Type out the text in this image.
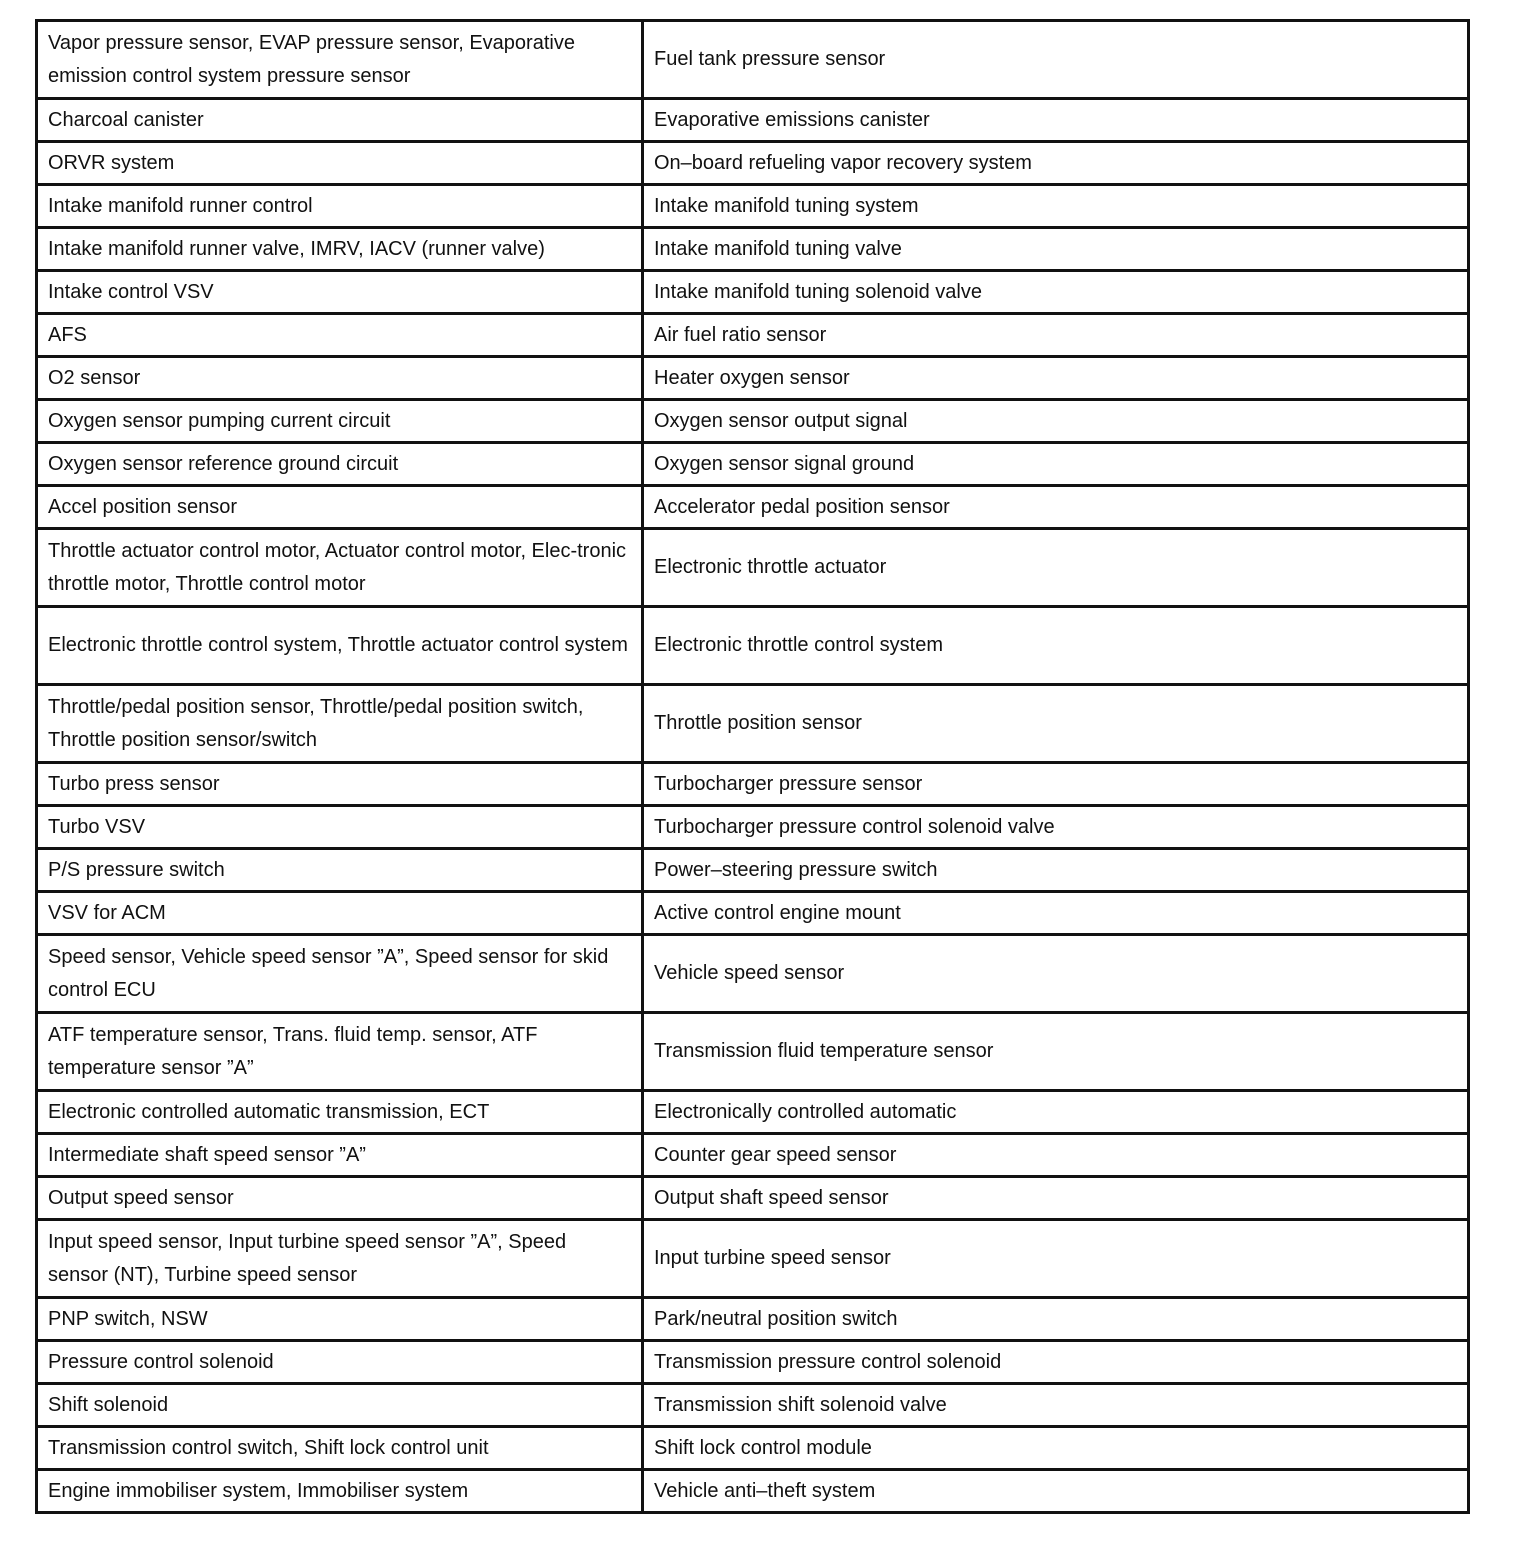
Vapor pressure sensor, EVAP pressure sensor, Evaporative emission control system pressure sensor	Fuel tank pressure sensor
Charcoal canister	Evaporative emissions canister
ORVR system	On–board refueling vapor recovery system
Intake manifold runner control	Intake manifold tuning system
Intake manifold runner valve, IMRV, IACV (runner valve)	Intake manifold tuning valve
Intake control VSV	Intake manifold tuning solenoid valve
AFS	Air fuel ratio sensor
O2 sensor	Heater oxygen sensor
Oxygen sensor pumping current circuit	Oxygen sensor output signal
Oxygen sensor reference ground circuit	Oxygen sensor signal ground
Accel position sensor	Accelerator pedal position sensor
Throttle actuator control motor, Actuator control motor, Elec-tronic throttle motor, Throttle control motor	Electronic throttle actuator
Electronic throttle control system, Throttle actuator control system	Electronic throttle control system
Throttle/pedal position sensor, Throttle/pedal position switch, Throttle position sensor/switch	Throttle position sensor
Turbo press sensor	Turbocharger pressure sensor
Turbo VSV	Turbocharger pressure control solenoid valve
P/S pressure switch	Power–steering pressure switch
VSV for ACM	Active control engine mount
Speed sensor, Vehicle speed sensor ”A”, Speed sensor for skid control ECU	Vehicle speed sensor
ATF temperature sensor, Trans. fluid temp. sensor, ATF temperature sensor ”A”	Transmission fluid temperature sensor
Electronic controlled automatic transmission, ECT	Electronically controlled automatic
Intermediate shaft speed sensor ”A”	Counter gear speed sensor
Output speed sensor	Output shaft speed sensor
Input speed sensor, Input turbine speed sensor ”A”, Speed sensor (NT), Turbine speed sensor	Input turbine speed sensor
PNP switch, NSW	Park/neutral position switch
Pressure control solenoid	Transmission pressure control solenoid
Shift solenoid	Transmission shift solenoid valve
Transmission control switch, Shift lock control unit	Shift lock control module
Engine immobiliser system, Immobiliser system	Vehicle anti–theft system
